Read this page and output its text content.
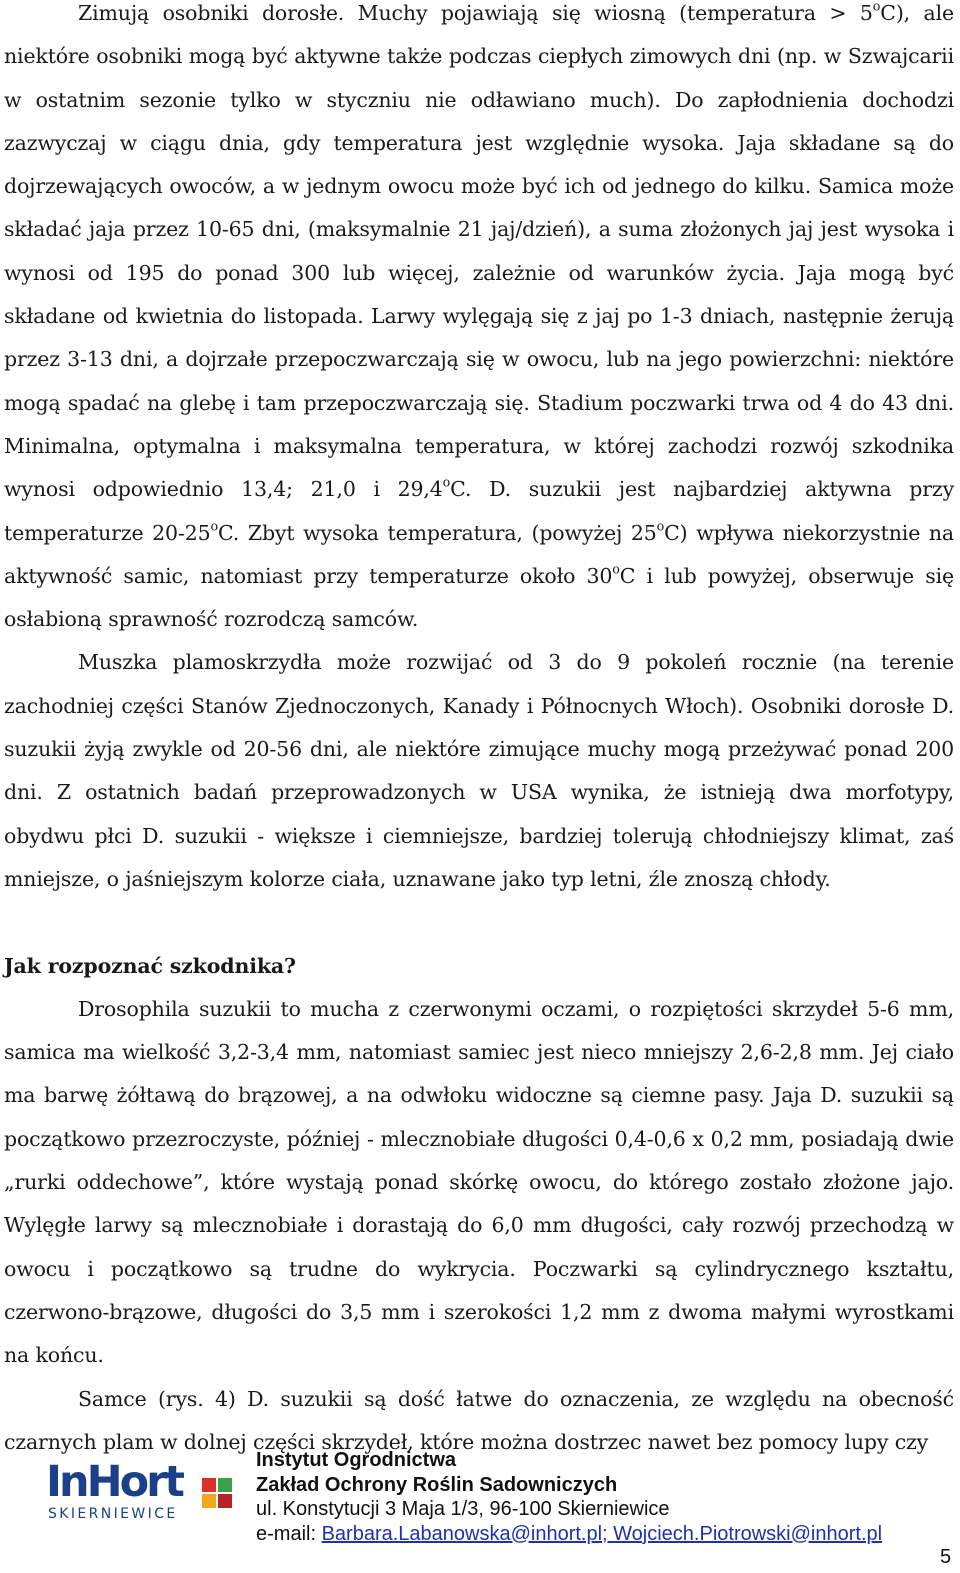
Zimują osobniki dorosłe. Muchy pojawiają się wiosną (temperatura > $5^oC$), ale niektóre osobniki mogą być aktywne także podczas ciepłych zimowych dni (np. w Szwajcarii w ostatnim sezonie tylko w styczniu nie odławiano much). Do zapłodnienia dochodzi zazwyczaj w ciągu dnia, gdy temperatura jest względnie wysoka. Jaja składane są do dojrzewających owoców, a w jednym owocu może być ich od jednego do kilku. Samica może składać jaja przez 10-65 dni, (maksymalnie 21 jaj/dzień), a suma złożonych jaj jest wysoka i wynosi od 195 do ponad 300 lub więcej, zależnie od warunków życia. Jaja mogą być składane od kwietnia do listopada. Larwy wylęgają się z jaj po 1-3 dniach, następnie żerują przez 3-13 dni, a dojrzałe przepoczwarczają się w owocu, lub na jego powierzchni: niektóre mogą spadać na glebę i tam przepoczwarczają się. Stadium poczwarki trwa od 4 do 43 dni. Minimalna, optymalna i maksymalna temperatura, w której zachodzi rozwój szkodnika wynosi odpowiednio 13,4; 21,0 i 29,4$^o$C. D. suzukii jest najbardziej aktywna przy temperaturze 20-25$^o$C. Zbyt wysoka temperatura, (powyżej 25$^o$C) wpływa niekorzystnie na aktywność samic, natomiast przy temperaturze około 30$^o$C i lub powyżej, obserwuje się osłabioną sprawność rozrodczą samców.

Muszka plamoskrzydła może rozwijać od 3 do 9 pokoleń rocznie (na terenie zachodniej części Stanów Zjednoczonych, Kanady i Północnych Włoch). Osobniki dorosłe D. suzukii żyją zwykle od 20-56 dni, ale niektóre zimujące muchy mogą przeżywać ponad 200 dni. Z ostatnich badań przeprowadzonych w USA wynika, że istnieją dwa morfotypy, obydwu płci D. suzukii - większe i ciemniejsze, bardziej tolerują chłodniejszy klimat, zaś mniejsze, o jaśniejszym kolorze ciała, uznawane jako typ letni, źle znoszą chłody.

Jak rozpoznać szkodnika?

Drosophila suzukii to mucha z czerwonymi oczami, o rozpiętości skrzydeł 5-6 mm, samica ma wielkość 3,2-3,4 mm, natomiast samiec jest nieco mniejszy 2,6-2,8 mm. Jej ciało ma barwę żółtawą do brązowej, a na odwłoku widoczne są ciemne pasy. Jaja D. suzukii są początkowo przezroczyste, później - mlecznobiałe długości 0,4-0,6 x 0,2 mm, posiadają dwie „rurki oddechowe”, które wystają ponad skórkę owocu, do którego zostało złożone jajo. Wylęgłe larwy są mlecznobiałe i dorastają do 6,0 mm długości, cały rozwój przechodzą w owocu i początkowo są trudne do wykrycia. Poczwarki są cylindrycznego kształtu, czerwono-brązowe, długości do 3,5 mm i szerokości 1,2 mm z dwoma małymi wyrostkami na końcu.

Samce (rys. 4) D. suzukii są dość łatwe do oznaczenia, ze względu na obecność czarnych plam w dolnej części skrzydeł, które można dostrzec nawet bez pomocy lupy czy

InHort
SKIERNIEWICE
Instytut Ogrodnictwa
Zakład Ochrony Roślin Sadowniczych
ul. Konstytucji 3 Maja 1/3, 96-100 Skierniewice
e-mail: Barbara.Labanowska@inhort.pl; Wojciech.Piotrowski@inhort.pl
5
